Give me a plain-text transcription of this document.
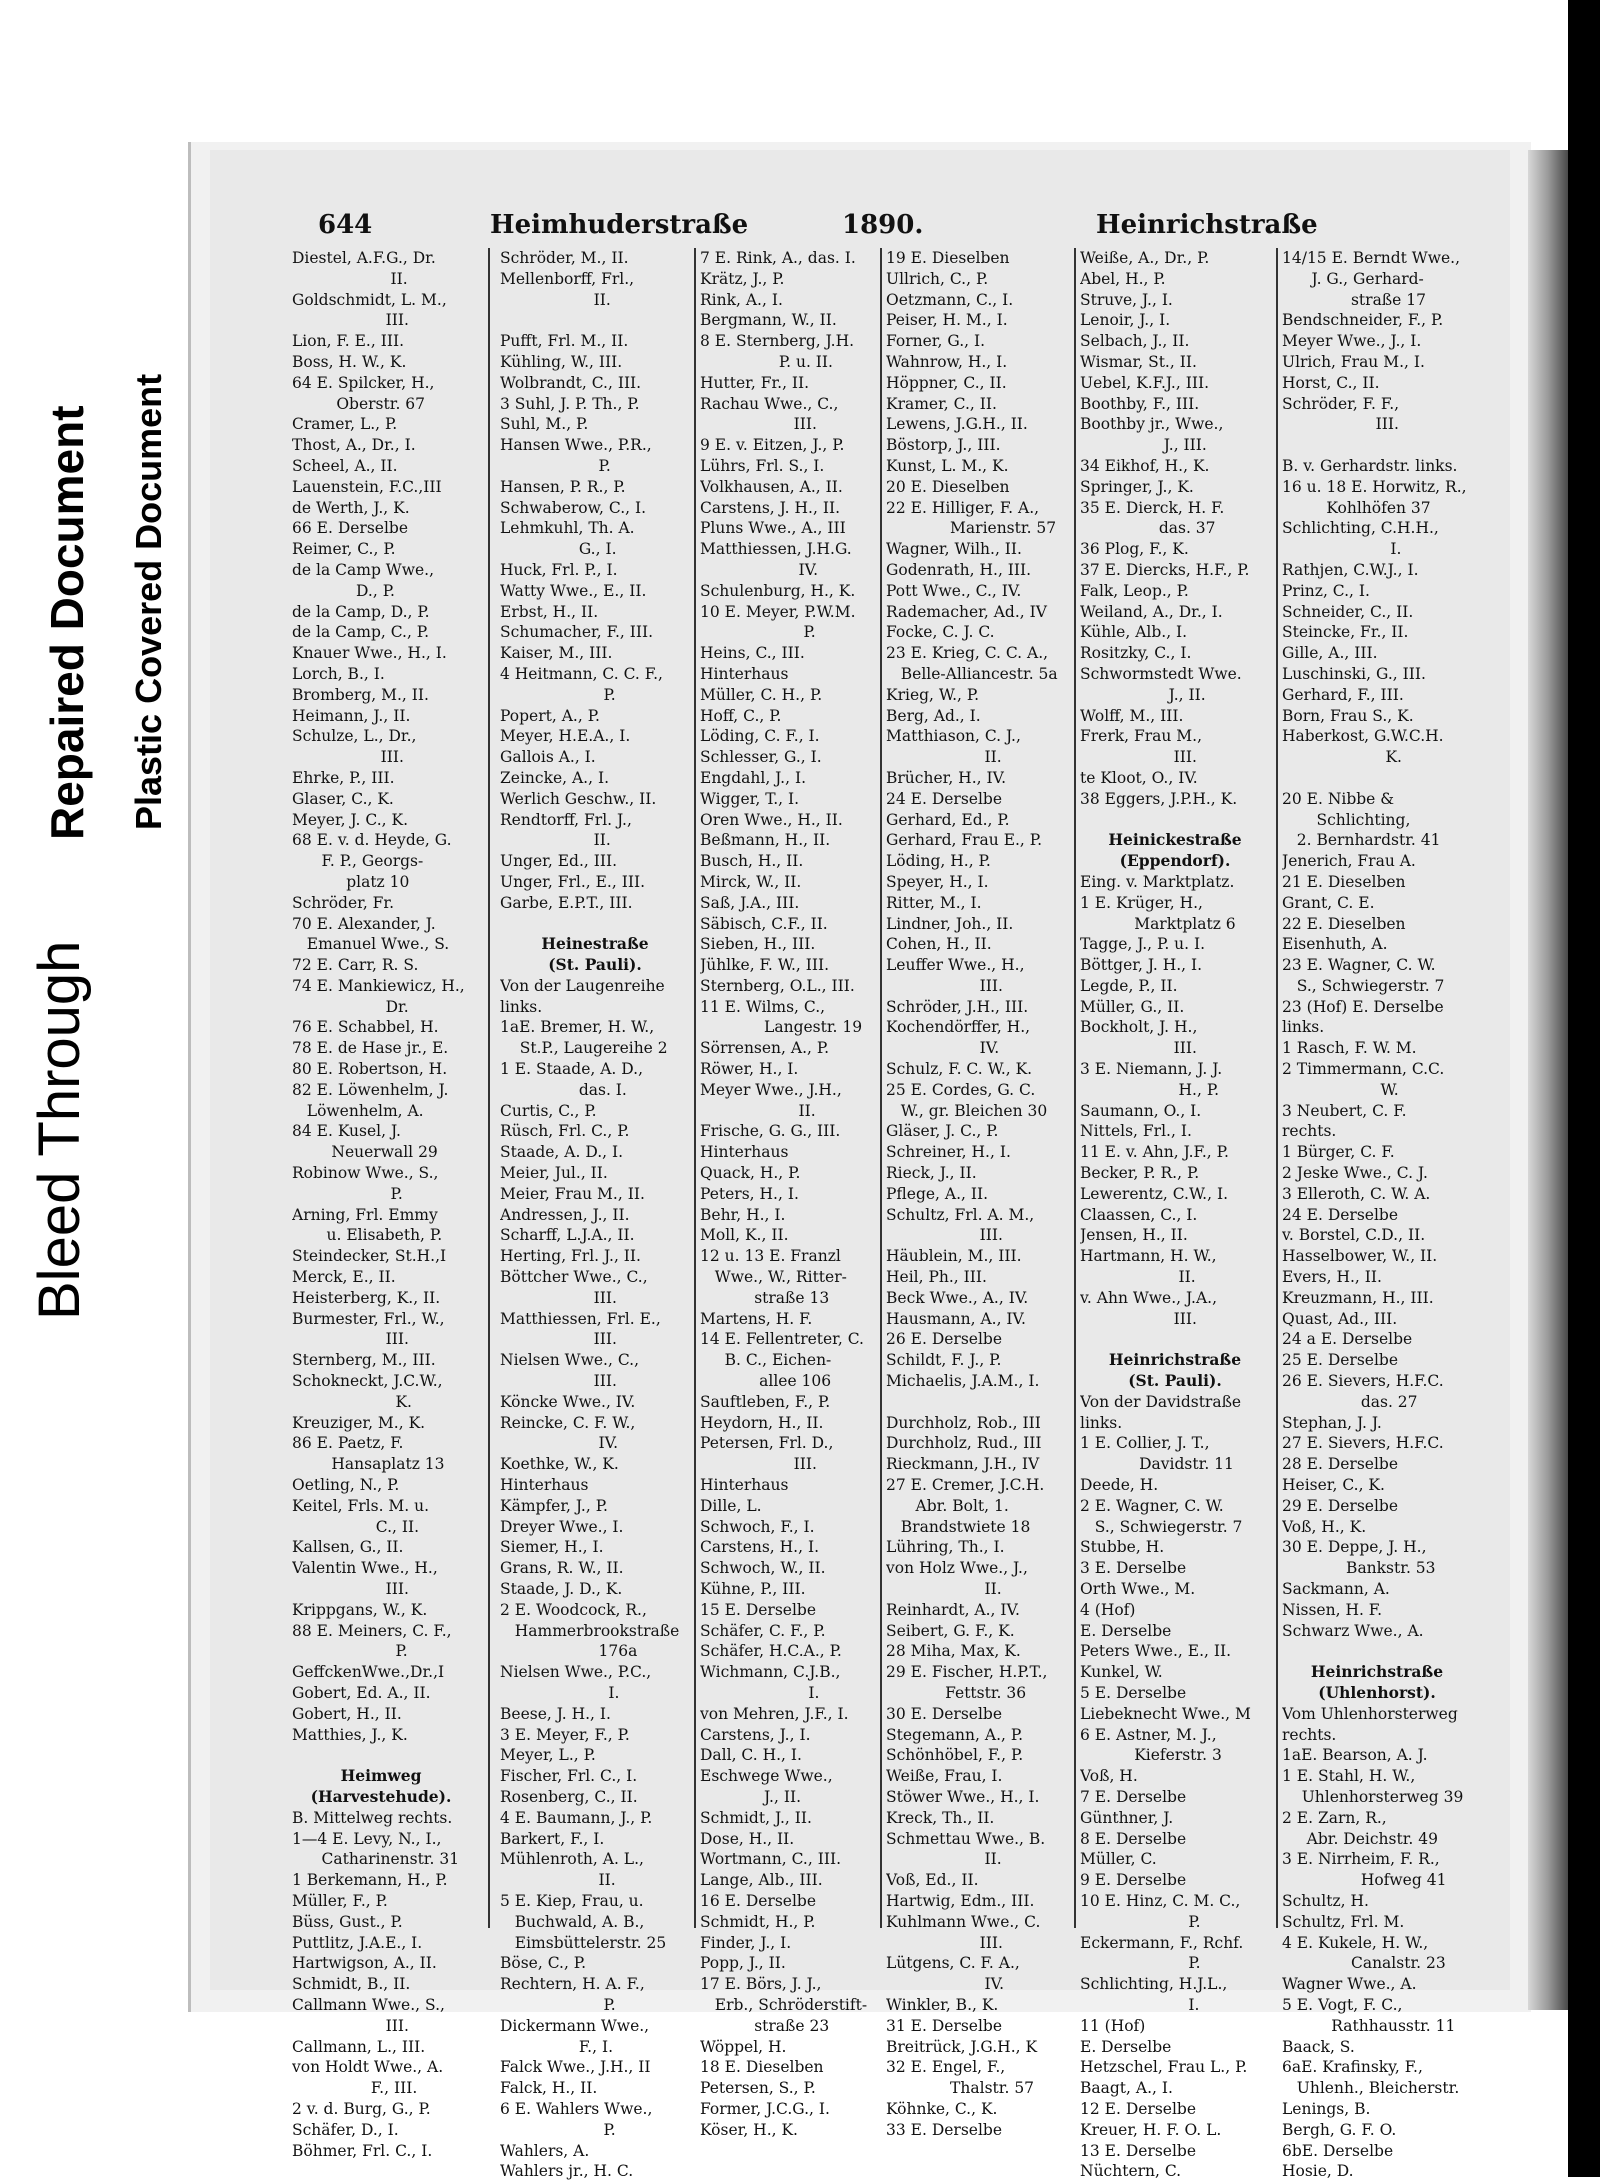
Bleed Through
Repaired Document Plastic Covered Document
644	Heimhuderstraße	1890.	Heinrichstraße
Diestel, A.F.G., Dr.
II.
Goldschmidt, L. M.,
III.
Lion, F. E., III.
Boss, H. W., K.
64 E. Spilcker, H.,
Oberstr. 67
Cramer, L., P.
Thost, A., Dr., I.
Scheel, A., II.
Lauenstein, F.C.,III
de Werth, J., K.
66 E. Derselbe
Reimer, C., P.
de la Camp Wwe.,
D., P.
de la Camp, D., P.
de la Camp, C., P.
Knauer Wwe., H., I.
Lorch, B., I.
Bromberg, M., II.
Heimann, J., II.
Schulze, L., Dr.,
III.
Ehrke, P., III.
Glaser, C., K.
Meyer, J. C., K.
68 E. v. d. Heyde, G.
F. P., Georgs-
platz 10
Schröder, Fr.
70 E. Alexander, J.
Emanuel Wwe., S.
72 E. Carr, R. S.
74 E. Mankiewicz, H.,
Dr.
76 E. Schabbel, H.
78 E. de Hase jr., E.
80 E. Robertson, H.
82 E. Löwenhelm, J.
Löwenhelm, A.
84 E. Kusel, J.
Neuerwall 29
Robinow Wwe., S.,
P.
Arning, Frl. Emmy
u. Elisabeth, P.
Steindecker, St.H.,I
Merck, E., II.
Heisterberg, K., II.
Burmester, Frl., W.,
III.
Sternberg, M., III.
Schokneckt, J.C.W.,
K.
Kreuziger, M., K.
86 E. Paetz, F.
Hansaplatz 13
Oetling, N., P.
Keitel, Frls. M. u.
C., II.
Kallsen, G., II.
Valentin Wwe., H.,
III.
Krippgans, W., K.
88 E. Meiners, C. F.,
P.
GeffckenWwe.,Dr.,I
Gobert, Ed. A., II.
Gobert, H., II.
Matthies, J., K.
Heimweg
(Harvestehude).
B. Mittelweg rechts.
1—4 E. Levy, N., I.,
Catharinenstr. 31
1 Berkemann, H., P.
Müller, F., P.
Büss, Gust., P.
Puttlitz, J.A.E., I.
Hartwigson, A., II.
Schmidt, B., II.
Callmann Wwe., S.,
III.
Callmann, L., III.
von Holdt Wwe., A.
F., III.
2 v. d. Burg, G., P.
Schäfer, D., I.
Böhmer, Frl. C., I.
Schröder, M., II.
Mellenborff, Frl.,
II.
Pufft, Frl. M., II.
Kühling, W., III.
Wolbrandt, C., III.
3 Suhl, J. P. Th., P.
Suhl, M., P.
Hansen Wwe., P.R.,
P.
Hansen, P. R., P.
Schwaberow, C., I.
Lehmkuhl, Th. A.
G., I.
Huck, Frl. P., I.
Watty Wwe., E., II.
Erbst, H., II.
Schumacher, F., III.
Kaiser, M., III.
4 Heitmann, C. C. F.,
P.
Popert, A., P.
Meyer, H.E.A., I.
Gallois A., I.
Zeincke, A., I.
Werlich Geschw., II.
Rendtorff, Frl. J.,
II.
Unger, Ed., III.
Unger, Frl., E., III.
Garbe, E.P.T., III.
Heinestraße
(St. Pauli).
Von der Laugenreihe
links.
1aE. Bremer, H. W.,
St.P., Laugereihe 2
1 E. Staade, A. D.,
das. I.
Curtis, C., P.
Rüsch, Frl. C., P.
Staade, A. D., I.
Meier, Jul., II.
Meier, Frau M., II.
Andressen, J., II.
Scharff, L.J.A., II.
Herting, Frl. J., II.
Böttcher Wwe., C.,
III.
Matthiessen, Frl. E.,
III.
Nielsen Wwe., C.,
III.
Köncke Wwe., IV.
Reincke, C. F. W.,
IV.
Koethke, W., K.
Hinterhaus
Kämpfer, J., P.
Dreyer Wwe., I.
Siemer, H., I.
Grans, R. W., II.
Staade, J. D., K.
2 E. Woodcock, R.,
Hammerbrookstraße
176a
Nielsen Wwe., P.C.,
I.
Beese, J. H., I.
3 E. Meyer, F., P.
Meyer, L., P.
Fischer, Frl. C., I.
Rosenberg, C., II.
4 E. Baumann, J., P.
Barkert, F., I.
Mühlenroth, A. L.,
II.
5 E. Kiep, Frau, u.
Buchwald, A. B.,
Eimsbüttelerstr. 25
Böse, C., P.
Rechtern, H. A. F.,
P.
Dickermann Wwe.,
F., I.
Falck Wwe., J.H., II
Falck, H., II.
6 E. Wahlers Wwe.,
P.
Wahlers, A.
Wahlers jr., H. C.
7 E. Rink, A., das. I.
Krätz, J., P.
Rink, A., I.
Bergmann, W., II.
8 E. Sternberg, J.H.
P. u. II.
Hutter, Fr., II.
Rachau Wwe., C.,
III.
9 E. v. Eitzen, J., P.
Lührs, Frl. S., I.
Volkhausen, A., II.
Carstens, J. H., II.
Pluns Wwe., A., III
Matthiessen, J.H.G.
IV.
Schulenburg, H., K.
10 E. Meyer, P.W.M.
P.
Heins, C., III.
Hinterhaus
Müller, C. H., P.
Hoff, C., P.
Löding, C. F., I.
Schlesser, G., I.
Engdahl, J., I.
Wigger, T., I.
Oren Wwe., H., II.
Beßmann, H., II.
Busch, H., II.
Mirck, W., II.
Saß, J.A., III.
Säbisch, C.F., II.
Sieben, H., III.
Jühlke, F. W., III.
Sternberg, O.L., III.
11 E. Wilms, C.,
Langestr. 19
Sörrensen, A., P.
Röwer, H., I.
Meyer Wwe., J.H.,
II.
Frische, G. G., III.
Hinterhaus
Quack, H., P.
Peters, H., I.
Behr, H., I.
Moll, K., II.
12 u. 13 E. Franzl
Wwe., W., Ritter-
straße 13
Martens, H. F.
14 E. Fellentreter, C.
B. C., Eichen-
allee 106
Sauftleben, F., P.
Heydorn, H., II.
Petersen, Frl. D.,
III.
Hinterhaus
Dille, L.
Schwoch, F., I.
Carstens, H., I.
Schwoch, W., II.
Kühne, P., III.
15 E. Derselbe
Schäfer, C. F., P.
Schäfer, H.C.A., P.
Wichmann, C.J.B.,
I.
von Mehren, J.F., I.
Carstens, J., I.
Dall, C. H., I.
Eschwege Wwe.,
J., II.
Schmidt, J., II.
Dose, H., II.
Wortmann, C., III.
Lange, Alb., III.
16 E. Derselbe
Schmidt, H., P.
Finder, J., I.
Popp, J., II.
17 E. Börs, J. J.,
Erb., Schröderstift-
straße 23
Wöppel, H.
18 E. Dieselben
Petersen, S., P.
Former, J.C.G., I.
Köser, H., K.
19 E. Dieselben
Ullrich, C., P.
Oetzmann, C., I.
Peiser, H. M., I.
Forner, G., I.
Wahnrow, H., I.
Höppner, C., II.
Kramer, C., II.
Lewens, J.G.H., II.
Böstorp, J., III.
Kunst, L. M., K.
20 E. Dieselben
22 E. Hilliger, F. A.,
Marienstr. 57
Wagner, Wilh., II.
Godenrath, H., III.
Pott Wwe., C., IV.
Rademacher, Ad., IV
Focke, C. J. C.
23 E. Krieg, C. C. A.,
Belle-Alliancestr. 5a
Krieg, W., P.
Berg, Ad., I.
Matthiason, C. J.,
II.
Brücher, H., IV.
24 E. Derselbe
Gerhard, Ed., P.
Gerhard, Frau E., P.
Löding, H., P.
Speyer, H., I.
Ritter, M., I.
Lindner, Joh., II.
Cohen, H., II.
Leuffer Wwe., H.,
III.
Schröder, J.H., III.
Kochendörffer, H.,
IV.
Schulz, F. C. W., K.
25 E. Cordes, G. C.
W., gr. Bleichen 30
Gläser, J. C., P.
Schreiner, H., I.
Rieck, J., II.
Pflege, A., II.
Schultz, Frl. A. M.,
III.
Häublein, M., III.
Heil, Ph., III.
Beck Wwe., A., IV.
Hausmann, A., IV.
26 E. Derselbe
Schildt, F. J., P.
Michaelis, J.A.M., I.
Durchholz, Rob., III
Durchholz, Rud., III
Rieckmann, J.H., IV
27 E. Cremer, J.C.H.
Abr. Bolt, 1.
Brandstwiete 18
Lühring, Th., I.
von Holz Wwe., J.,
II.
Reinhardt, A., IV.
Seibert, G. F., K.
28 Miha, Max, K.
29 E. Fischer, H.P.T.,
Fettstr. 36
30 E. Derselbe
Stegemann, A., P.
Schönhöbel, F., P.
Weiße, Frau, I.
Stöwer Wwe., H., I.
Kreck, Th., II.
Schmettau Wwe., B.
II.
Voß, Ed., II.
Hartwig, Edm., III.
Kuhlmann Wwe., C.
III.
Lütgens, C. F. A.,
IV.
Winkler, B., K.
31 E. Derselbe
Breitrück, J.G.H., K
32 E. Engel, F.,
Thalstr. 57
Köhnke, C., K.
33 E. Derselbe
Weiße, A., Dr., P.
Abel, H., P.
Struve, J., I.
Lenoir, J., I.
Selbach, J., II.
Wismar, St., II.
Uebel, K.F.J., III.
Boothby, F., III.
Boothby jr., Wwe.,
J., III.
34 Eikhof, H., K.
Springer, J., K.
35 E. Dierck, H. F.
das. 37
36 Plog, F., K.
37 E. Diercks, H.F., P.
Falk, Leop., P.
Weiland, A., Dr., I.
Kühle, Alb., I.
Rositzky, C., I.
Schwormstedt Wwe.
J., II.
Wolff, M., III.
Frerk, Frau M.,
III.
te Kloot, O., IV.
38 Eggers, J.P.H., K.
Heinickestraße
(Eppendorf).
Eing. v. Marktplatz.
1 E. Krüger, H.,
Marktplatz 6
Tagge, J., P. u. I.
Böttger, J. H., I.
Legde, P., II.
Müller, G., II.
Bockholt, J. H.,
III.
3 E. Niemann, J. J.
H., P.
Saumann, O., I.
Nittels, Frl., I.
11 E. v. Ahn, J.F., P.
Becker, P. R., P.
Lewerentz, C.W., I.
Claassen, C., I.
Jensen, H., II.
Hartmann, H. W.,
II.
v. Ahn Wwe., J.A.,
III.
Heinrichstraße
(St. Pauli).
Von der Davidstraße
links.
1 E. Collier, J. T.,
Davidstr. 11
Deede, H.
2 E. Wagner, C. W.
S., Schwiegerstr. 7
Stubbe, H.
3 E. Derselbe
Orth Wwe., M.
4 (Hof)
E. Derselbe
Peters Wwe., E., II.
Kunkel, W.
5 E. Derselbe
Liebeknecht Wwe., M
6 E. Astner, M. J.,
Kieferstr. 3
Voß, H.
7 E. Derselbe
Günthner, J.
8 E. Derselbe
Müller, C.
9 E. Derselbe
10 E. Hinz, C. M. C.,
P.
Eckermann, F., Rchf.
P.
Schlichting, H.J.L.,
I.
11 (Hof)
E. Derselbe
Hetzschel, Frau L., P.
Baagt, A., I.
12 E. Derselbe
Kreuer, H. F. O. L.
13 E. Derselbe
Nüchtern, C.
14/15 E. Berndt Wwe.,
J. G., Gerhard-
straße 17
Bendschneider, F., P.
Meyer Wwe., J., I.
Ulrich, Frau M., I.
Horst, C., II.
Schröder, F. F.,
III.
B. v. Gerhardstr. links.
16 u. 18 E. Horwitz, R.,
Kohlhöfen 37
Schlichting, C.H.H.,
I.
Rathjen, C.W.J., I.
Prinz, C., I.
Schneider, C., II.
Steincke, Fr., II.
Gille, A., III.
Luschinski, G., III.
Gerhard, F., III.
Born, Frau S., K.
Haberkost, G.W.C.H.
K.
20 E. Nibbe &
Schlichting,
2. Bernhardstr. 41
Jenerich, Frau A.
21 E. Dieselben
Grant, C. E.
22 E. Dieselben
Eisenhuth, A.
23 E. Wagner, C. W.
S., Schwiegerstr. 7
23 (Hof) E. Derselbe
links.
1 Rasch, F. W. M.
2 Timmermann, C.C.
W.
3 Neubert, C. F.
rechts.
1 Bürger, C. F.
2 Jeske Wwe., C. J.
3 Elleroth, C. W. A.
24 E. Derselbe
v. Borstel, C.D., II.
Hasselbower, W., II.
Evers, H., II.
Kreuzmann, H., III.
Quast, Ad., III.
24 a E. Derselbe
25 E. Derselbe
26 E. Sievers, H.F.C.
das. 27
Stephan, J. J.
27 E. Sievers, H.F.C.
28 E. Derselbe
Heiser, C., K.
29 E. Derselbe
Voß, H., K.
30 E. Deppe, J. H.,
Bankstr. 53
Sackmann, A.
Nissen, H. F.
Schwarz Wwe., A.
Heinrichstraße
(Uhlenhorst).
Vom Uhlenhorsterweg
rechts.
1aE. Bearson, A. J.
1 E. Stahl, H. W.,
Uhlenhorsterweg 39
2 E. Zarn, R.,
Abr. Deichstr. 49
3 E. Nirrheim, F. R.,
Hofweg 41
Schultz, H.
Schultz, Frl. M.
4 E. Kukele, H. W.,
Canalstr. 23
Wagner Wwe., A.
5 E. Vogt, F. C.,
Rathhausstr. 11
Baack, S.
6aE. Krafinsky, F.,
Uhlenh., Bleicherstr.
Lenings, B.
Bergh, G. F. O.
6bE. Derselbe
Hosie, D.
